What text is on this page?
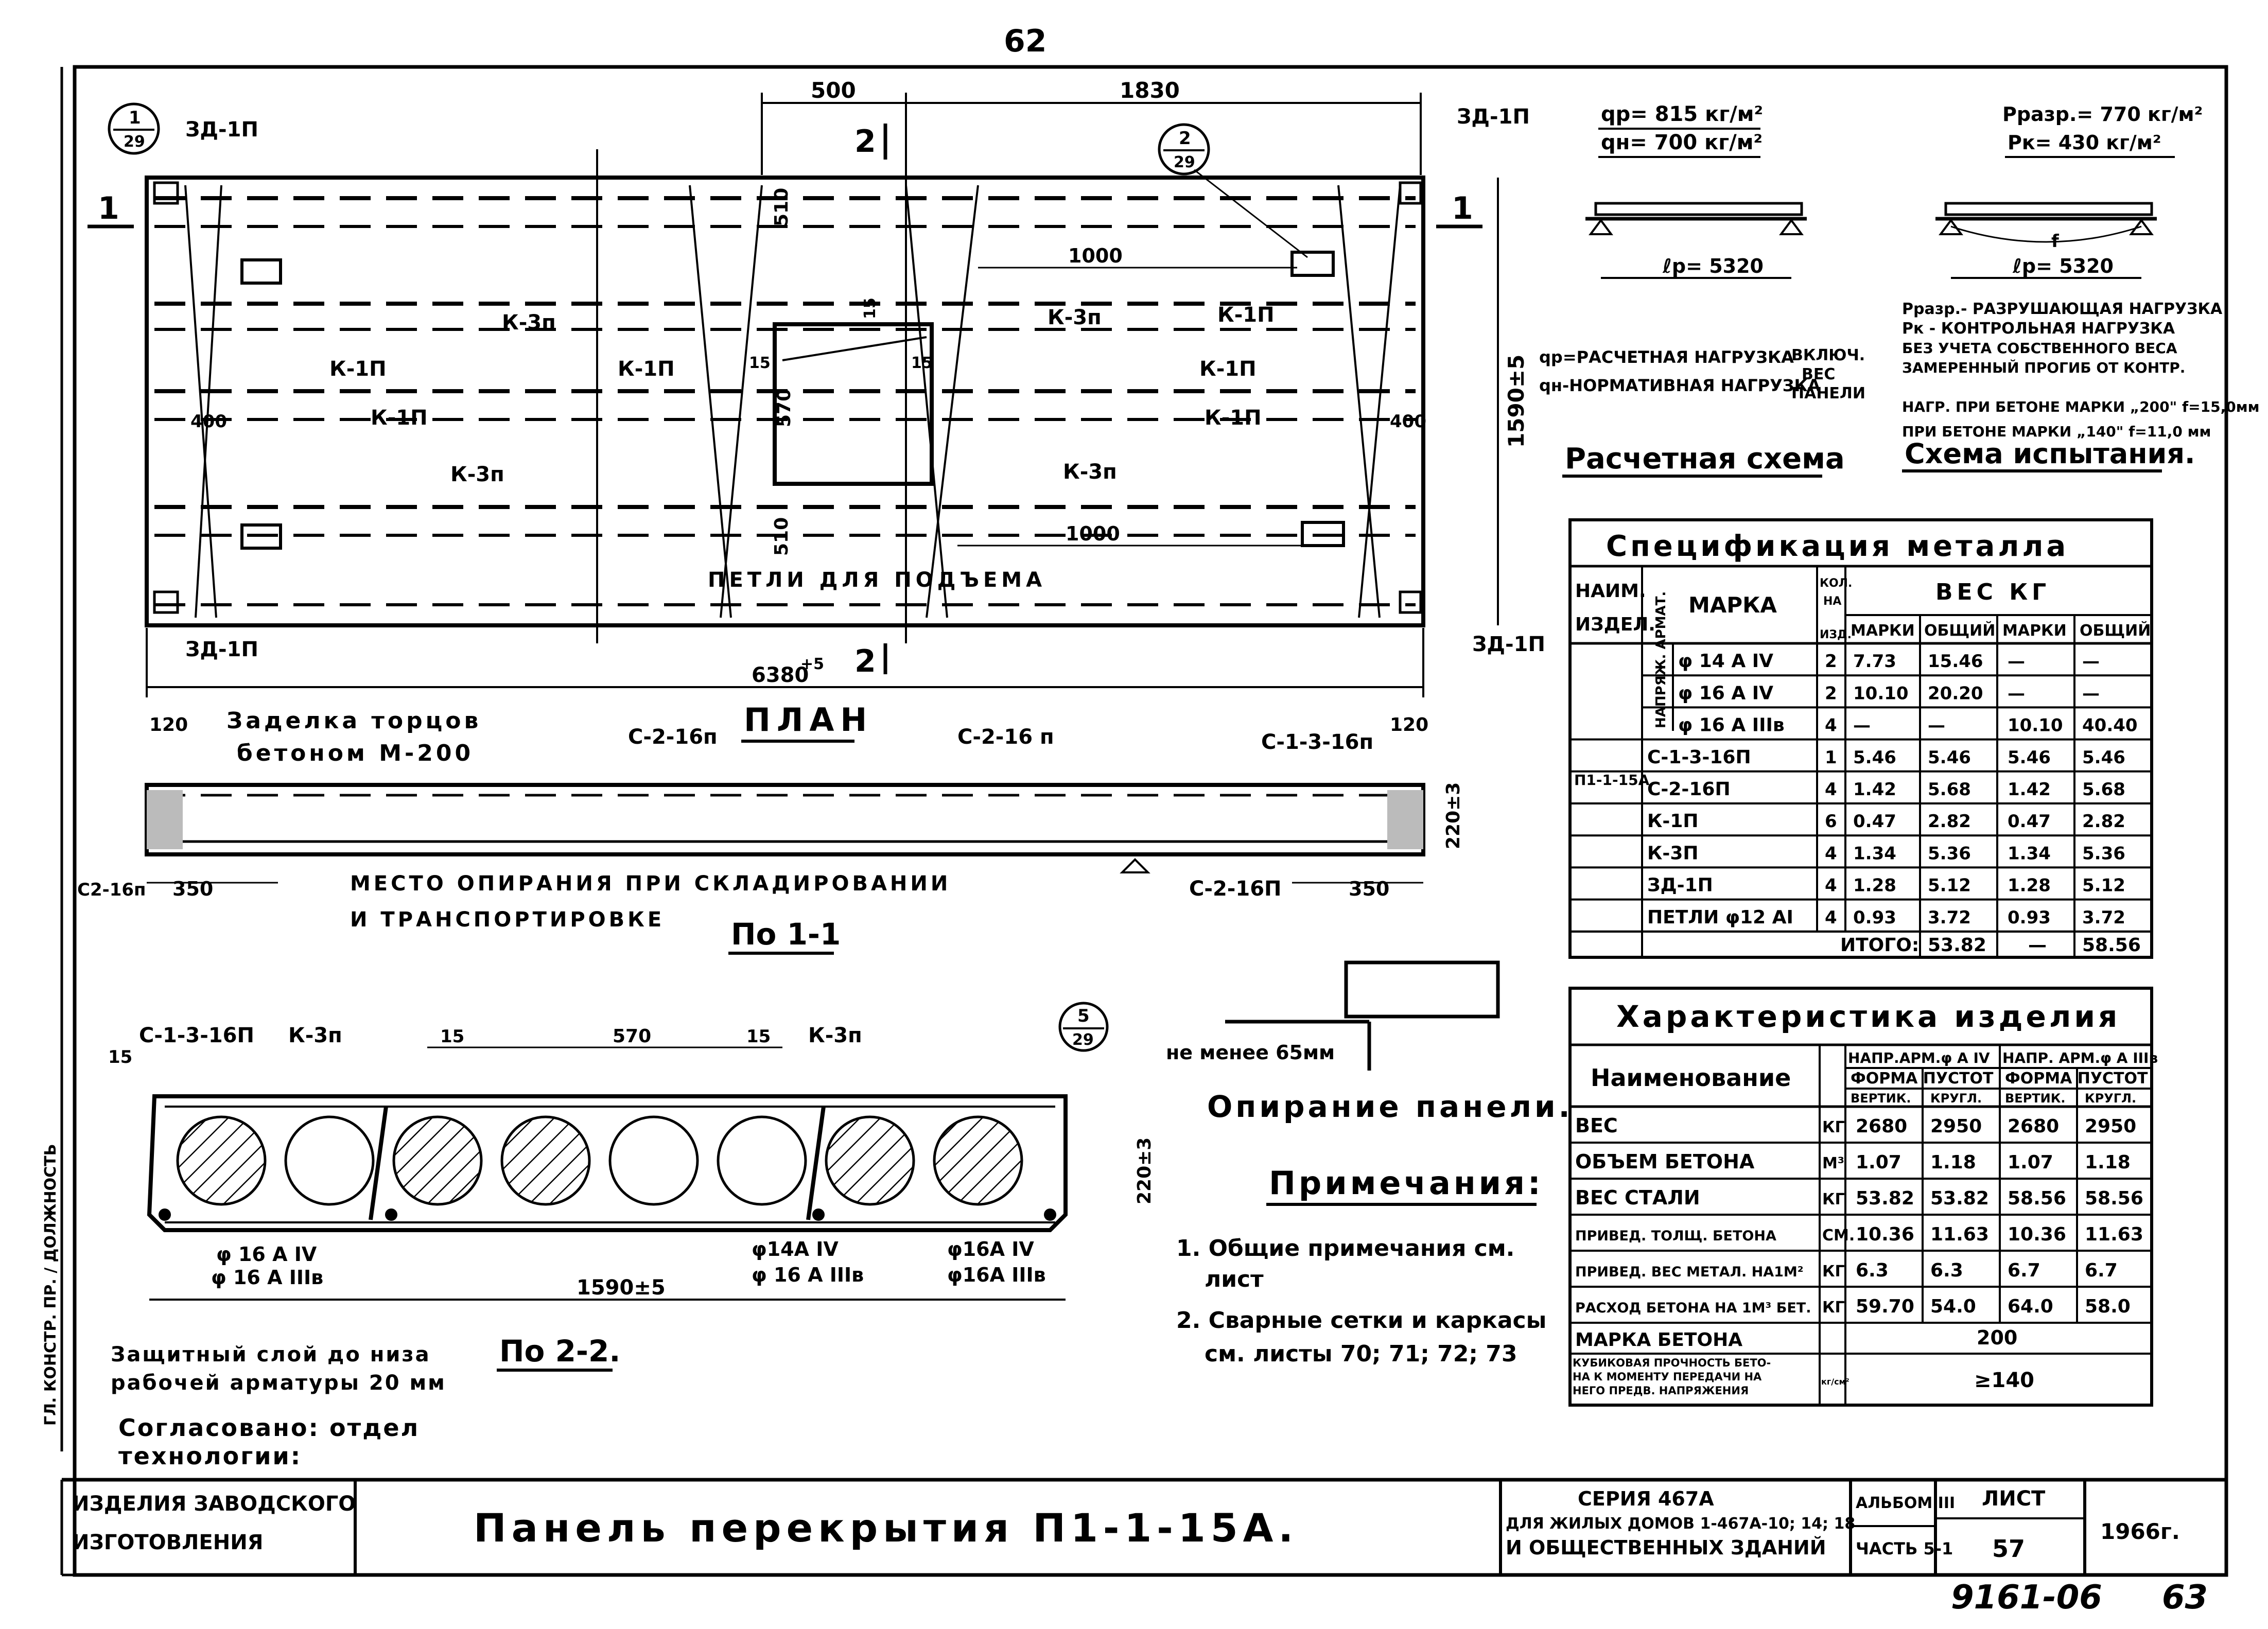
62
9161-06 63
ГЛ. КОНСТР. ПР. / ДОЛЖНОСТЬ
500	1830
6380
+5
1590±5
510
570
510
15
15	15
1000
1000
400	400
1
29	2
29
1	1
2
2
ЗД-1П
ЗД-1П
ЗД-1П	ЗД-1П
К-3п	К-3п
К-3п	К-3п
К-1П	К-1П
К-1П
К-1П
К-1П	К-1П
ПЕТЛИ ДЛЯ ПОДЪЕМА
ПЛАН
120	120
Заделка торцов
бетоном М-200
С-2-16п	С-2-16 п	С-1-3-16п
С-2-16П
С2-16п 350	350
220±3
МЕСТО ОПИРАНИЯ ПРИ СКЛАДИРОВАНИИ
И ТРАНСПОРТИРОВКЕ По 1-1
С-1-3-16П К-3п	К-3п
15
15	570	15
5
29
220±3
φ 16 А IV
φ 16 А IIIв
φ14А IV
φ 16 А IIIв
φ16А IV
φ16А IIIв
1590±5
Защитный слой до низа
рабочей арматуры 20 мм
По 2-2.
не менее 65мм
Опирание панели.
Примечания:
1. Общие примечания см.
лист
2. Сварные сетки и каркасы
см. листы 70; 71; 72; 73
qр= 815 кг/м²
qн= 700 кг/м²
ℓр= 5320
qр=РАСЧЕТНАЯ НАГРУЗКА
qн-НОРМАТИВНАЯ НАГРУЗКА
ВКЛЮЧ.
ВЕС
ПАНЕЛИ
Расчетная схема
Рразр.= 770 кг/м²
Рк= 430 кг/м²
f
ℓр= 5320
Рразр.- РАЗРУШАЮЩАЯ НАГРУЗКА
Рк - КОНТРОЛЬНАЯ НАГРУЗКА
БЕЗ УЧЕТА СОБСТВЕННОГО ВЕСА
ЗАМЕРЕННЫЙ ПРОГИБ ОТ КОНТР.
НАГР. ПРИ БЕТОНЕ МАРКИ „200" f=15,0мм
ПРИ БЕТОНЕ МАРКИ „140" f=11,0 мм
Схема испытания.
Спецификация металла
НАИМ.
ИЗДЕЛ.
МАРКА
КОЛ.
НА
ИЗД.
ВЕС КГ
МАРКИ ОБЩИЙ МАРКИ ОБЩИЙ
НАПРЯЖ. АРМАТ.
П1-1-15А
φ 14 А IV	2 7.73 15.46 —	—
φ 16 А IV	2 10.10 20.20 —	—
φ 16 А IIIв 4 —	—	10.10 40.40
С-1-3-16П	1 5.46 5.46 5.46 5.46
С-2-16П	4 1.42 5.68 1.42 5.68
К-1П	6 0.47 2.82 0.47 2.82
К-3П	4 1.34 5.36 1.34 5.36
ЗД-1П	4 1.28 5.12 1.28 5.12
ПЕТЛИ φ12 АI 4 0.93 3.72 0.93 3.72
ИТОГО: 53.82 — 58.56
Характеристика изделия
Наименование
НАПР.АРМ.φ А IV НАПР. АРМ.φ А IIIв
ФОРМА ПУСТОТ ФОРМА ПУСТОТ
ВЕРТИК. КРУГЛ. ВЕРТИК. КРУГЛ.
ВЕС	КГ 2680 2950 2680 2950
ОБЪЕМ БЕТОНА	М³ 1.07 1.18 1.07 1.18
ВЕС СТАЛИ	КГ 53.82 53.82 58.56 58.56
ПРИВЕД. ТОЛЩ. БЕТОНА	СМ. 10.36 11.63 10.36 11.63
ПРИВЕД. ВЕС МЕТАЛ. НА1М² КГ 6.3 6.3 6.7 6.7
РАСХОД БЕТОНА НА 1М³ БЕТ. КГ 59.70 54.0 64.0 58.0
МАРКА БЕТОНА	200
КУБИКОВАЯ ПРОЧНОСТЬ БЕТО-
НА К МОМЕНТУ ПЕРЕДАЧИ НА
НЕГО ПРЕДВ. НАПРЯЖЕНИЯ
кг/см²	≥140
Согласовано: отдел
технологии:
ИЗДЕЛИЯ ЗАВОДСКОГО
ИЗГОТОВЛЕНИЯ	Панель перекрытия П1-1-15А.
СЕРИЯ 467А
ДЛЯ ЖИЛЫХ ДОМОВ 1-467А-10; 14; 18
И ОБЩЕСТВЕННЫХ ЗДАНИЙ
АЛЬБОМ III
ЧАСТЬ 5-1
ЛИСТ
57
1966г.
